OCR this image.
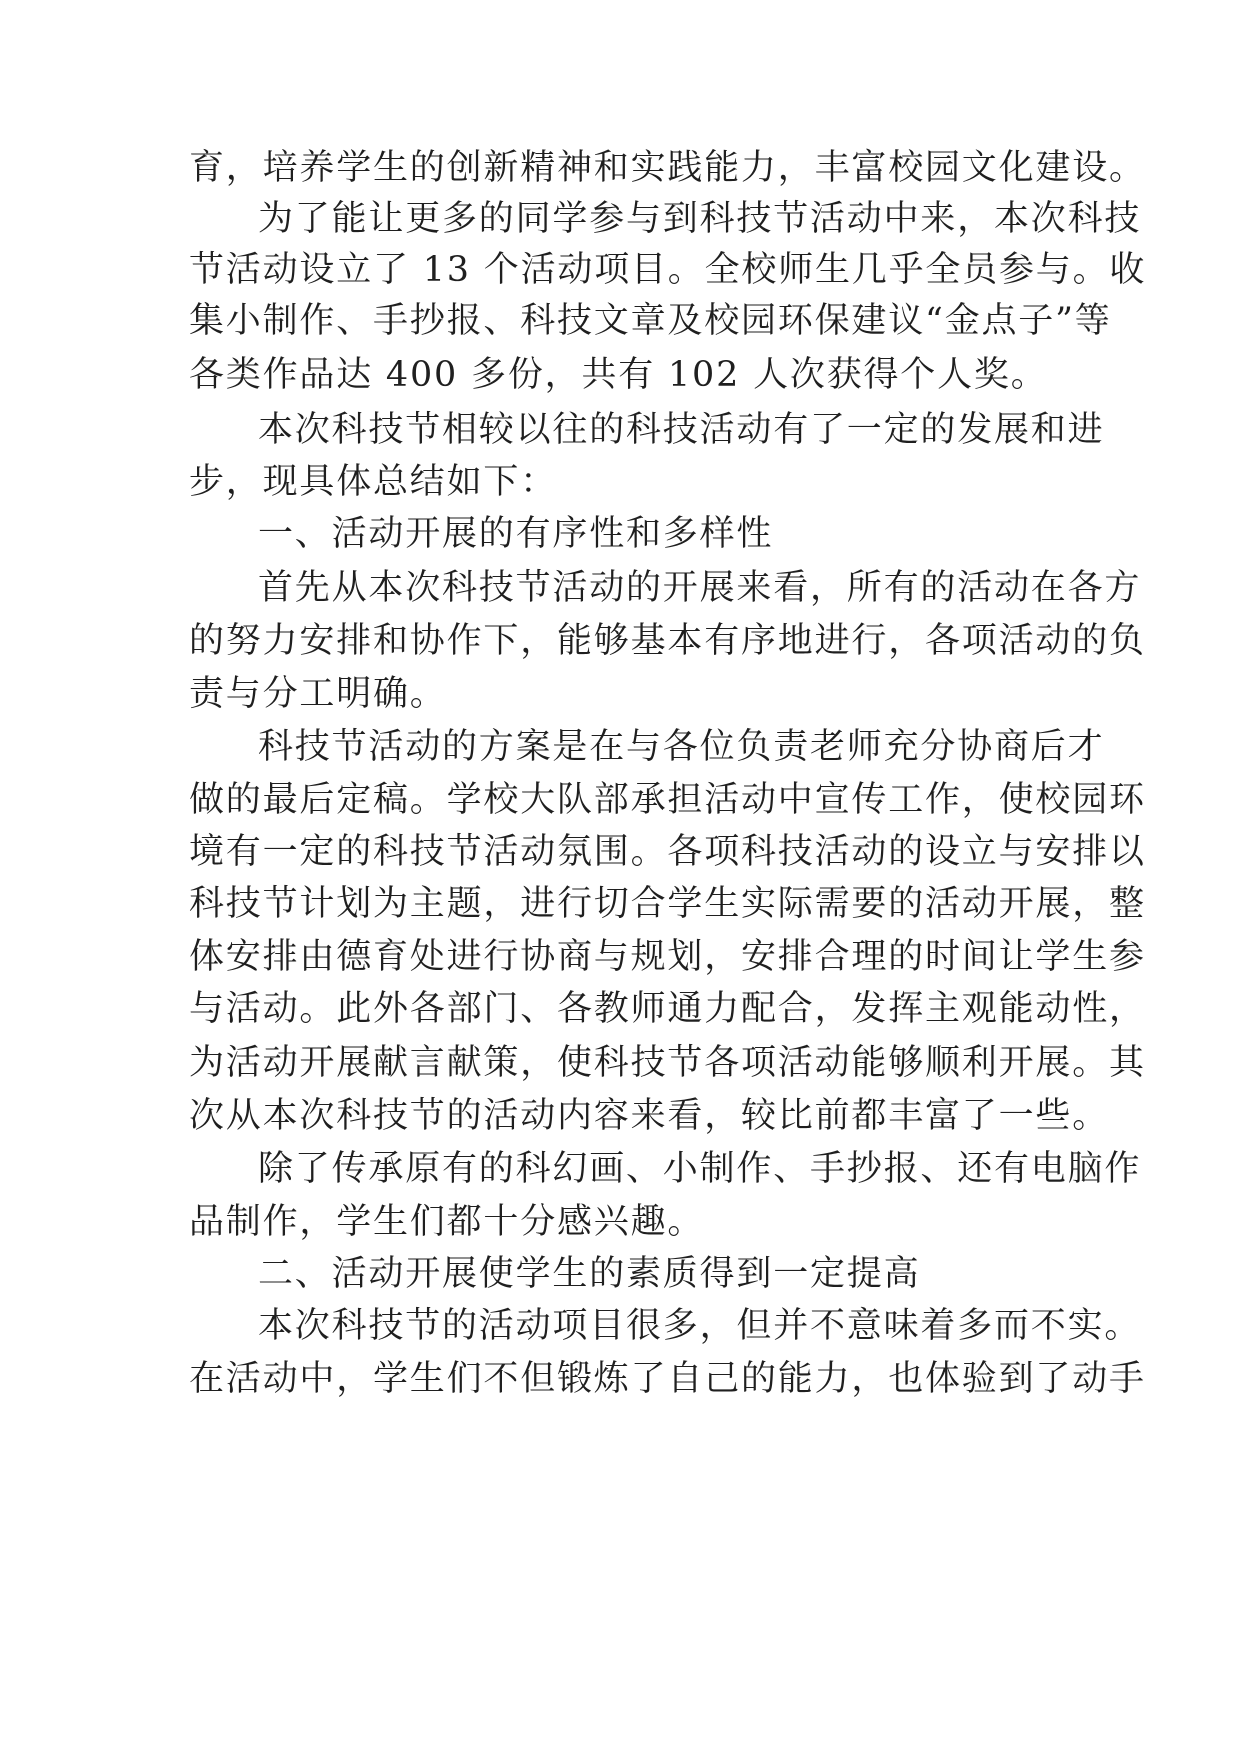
育，培养学生的创新精神和实践能力，丰富校园文化建设。
为了能让更多的同学参与到科技节活动中来，本次科技
节活动设立了 13 个活动项目。全校师生几乎全员参与。收
集小制作、手抄报、科技文章及校园环保建议“金点子”等
各类作品达 400 多份，共有 102 人次获得个人奖。
本次科技节相较以往的科技活动有了一定的发展和进
步，现具体总结如下：
一、活动开展的有序性和多样性
首先从本次科技节活动的开展来看，所有的活动在各方
的努力安排和协作下，能够基本有序地进行，各项活动的负
责与分工明确。
科技节活动的方案是在与各位负责老师充分协商后才
做的最后定稿。学校大队部承担活动中宣传工作，使校园环
境有一定的科技节活动氛围。各项科技活动的设立与安排以
科技节计划为主题，进行切合学生实际需要的活动开展，整
体安排由德育处进行协商与规划，安排合理的时间让学生参
与活动。此外各部门、各教师通力配合，发挥主观能动性，
为活动开展献言献策，使科技节各项活动能够顺利开展。其
次从本次科技节的活动内容来看，较比前都丰富了一些。
除了传承原有的科幻画、小制作、手抄报、还有电脑作
品制作，学生们都十分感兴趣。
二、活动开展使学生的素质得到一定提高
本次科技节的活动项目很多，但并不意味着多而不实。
在活动中，学生们不但锻炼了自己的能力，也体验到了动手
